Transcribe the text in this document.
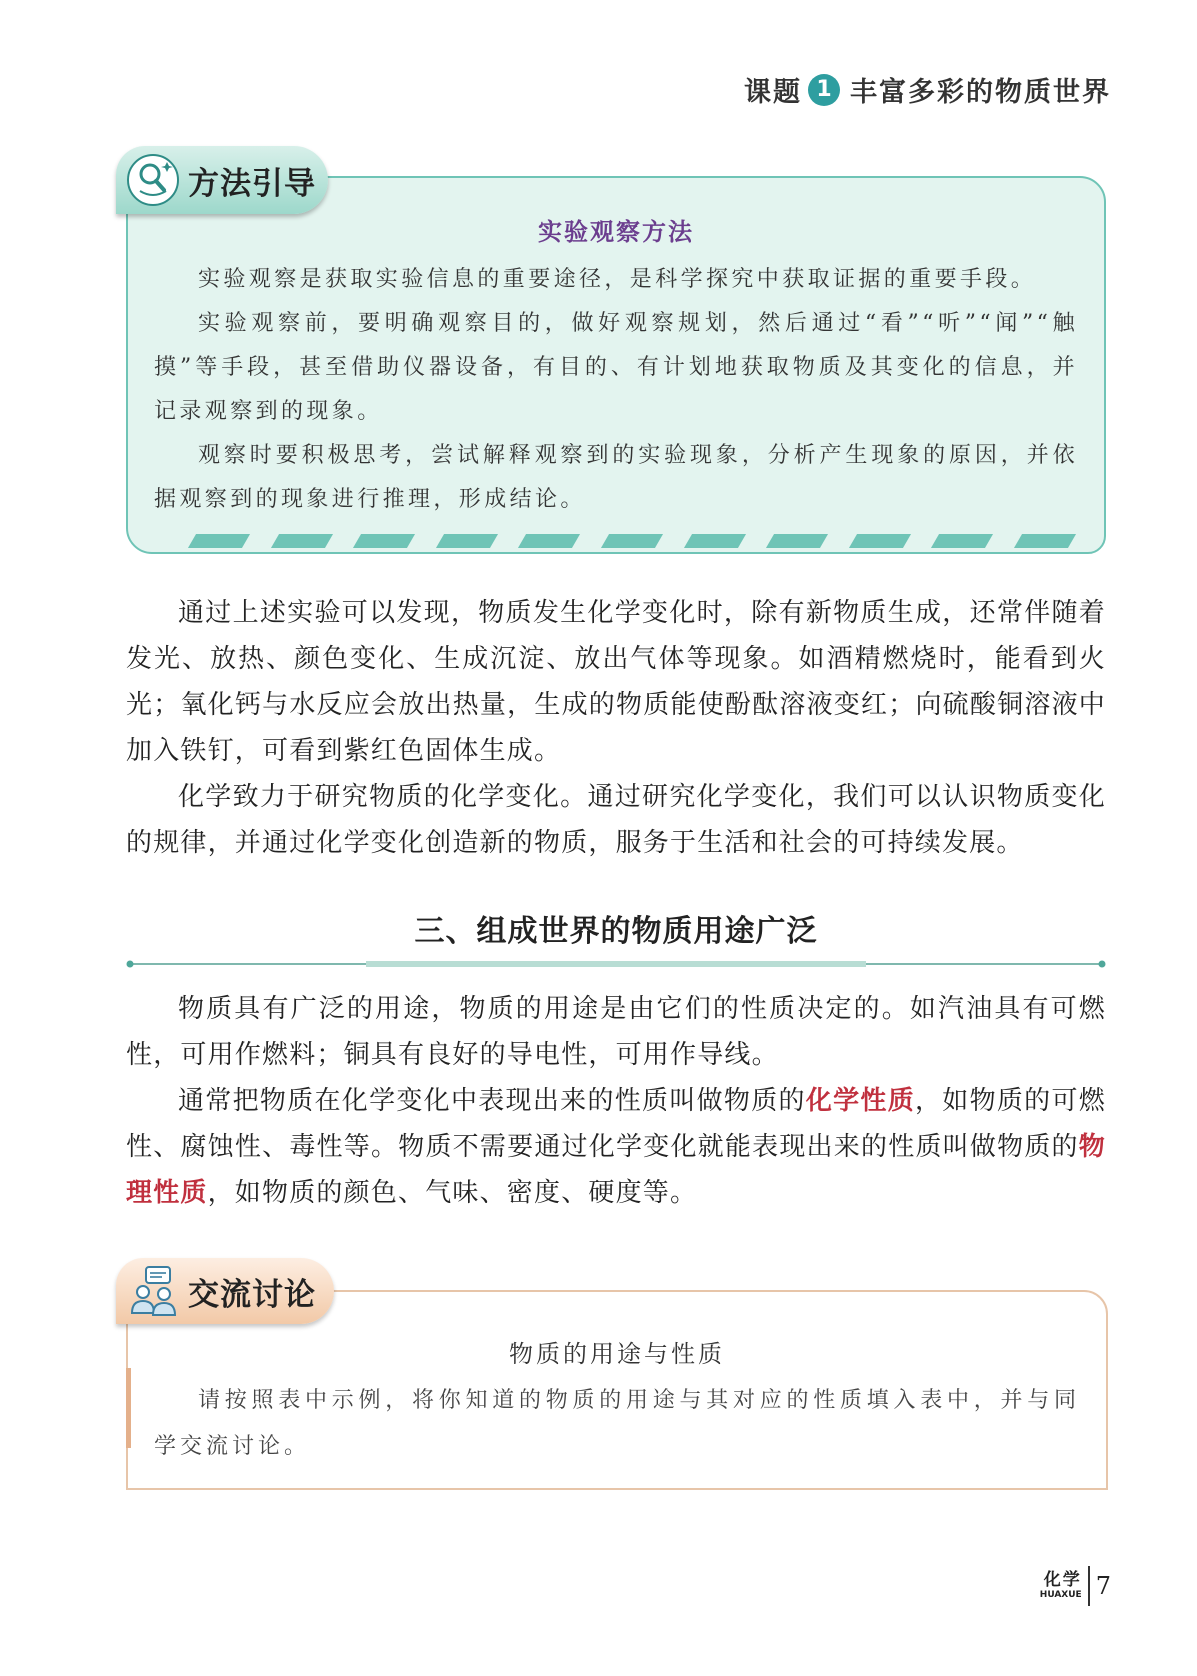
课题 1 丰富多彩的物质世界
实验观察方法

实验观察是获取实验信息的重要途径，是科学探究中获取证据的重要手段。

实验观察前，要明确观察目的，做好观察规划，然后通过“看”“听”“闻”“触摸”等手段，甚至借助仪器设备，有目的、有计划地获取物质及其变化的信息，并记录观察到的现象。

观察时要积极思考，尝试解释观察到的实验现象，分析产生现象的原因，并依据观察到的现象进行推理，形成结论。

方法引导

通过上述实验可以发现，物质发生化学变化时，除有新物质生成，还常伴随着发光、放热、颜色变化、生成沉淀、放出气体等现象。如酒精燃烧时，能看到火光；氧化钙与水反应会放出热量，生成的物质能使酚酞溶液变红；向硫酸铜溶液中加入铁钉，可看到紫红色固体生成。

化学致力于研究物质的化学变化。通过研究化学变化，我们可以认识物质变化的规律，并通过化学变化创造新的物质，服务于生活和社会的可持续发展。

三、组成世界的物质用途广泛

物质具有广泛的用途，物质的用途是由它们的性质决定的。如汽油具有可燃性，可用作燃料；铜具有良好的导电性，可用作导线。

通常把物质在化学变化中表现出来的性质叫做物质的化学性质，如物质的可燃性、腐蚀性、毒性等。物质不需要通过化学变化就能表现出来的性质叫做物质的物理性质，如物质的颜色、气味、密度、硬度等。

物质的用途与性质

请按照表中示例，将你知道的物质的用途与其对应的性质填入表中，并与同学交流讨论。

交流讨论
化学
HUAXUE 7
